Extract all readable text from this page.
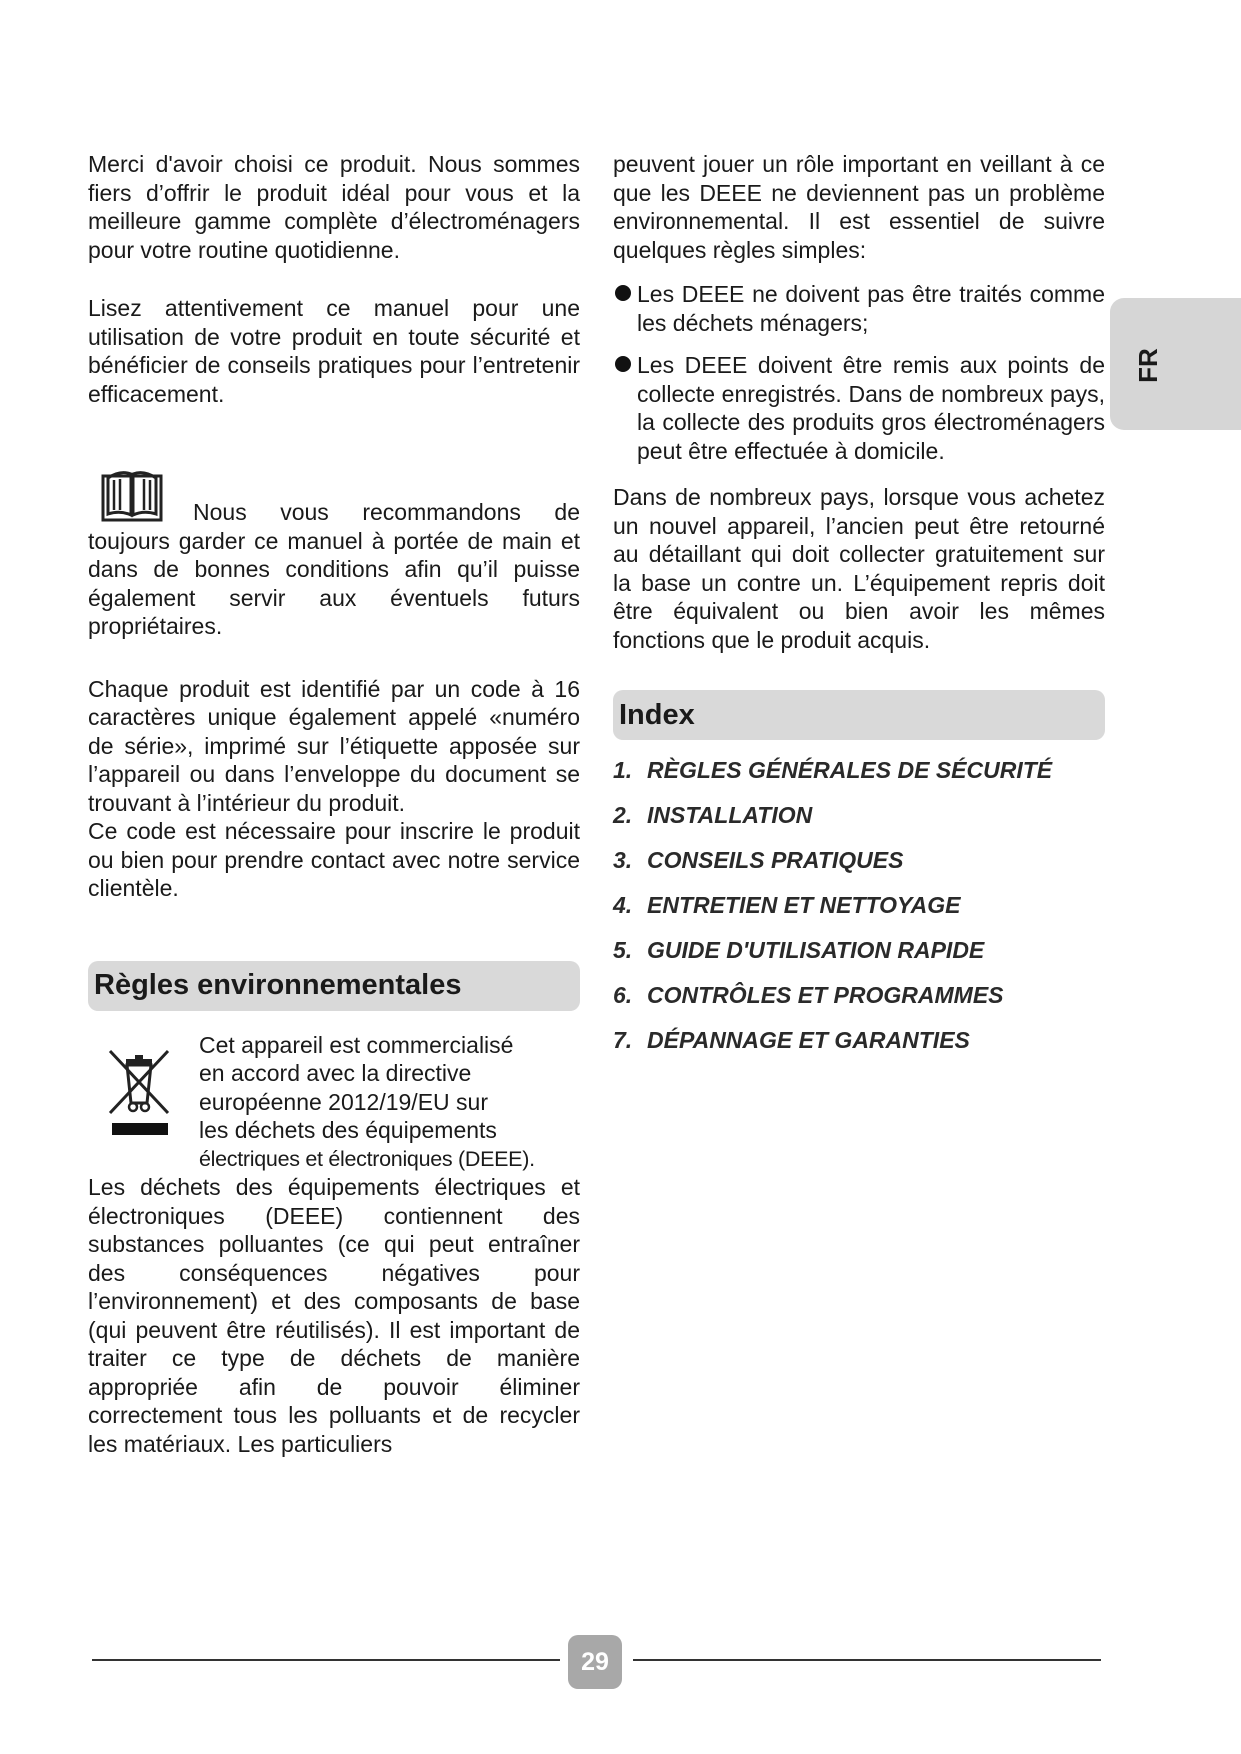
Merci d'avoir choisi ce produit. Nous sommes fiers d’offrir le produit idéal pour vous et la meilleure gamme complète d’électroménagers pour votre routine quotidienne.

Lisez attentivement ce manuel pour une utilisation de votre produit en toute sécurité et bénéficier de conseils pratiques pour l’entretenir efficacement.

Nous vous recommandons de toujours garder ce manuel à portée de main et dans de bonnes conditions afin qu’il puisse également servir aux éventuels futurs propriétaires.

Chaque produit est identifié par un code à 16 caractères unique également appelé «numéro de série», imprimé sur l’étiquette apposée sur l’appareil ou dans l’enveloppe du document se trouvant à l’intérieur du produit.

Ce code est nécessaire pour inscrire le produit ou bien pour prendre contact avec notre service clientèle.

Règles environnementales

Cet appareil est commercialisé

en accord avec la directive

européenne 2012/19/EU sur

les déchets des équipements

électriques et électroniques (DEEE).

Les déchets des équipements électriques et électroniques (DEEE) contiennent des substances polluantes (ce qui peut entraîner des conséquences négatives pour l’environnement) et des composants de base (qui peuvent être réutilisés). Il est important de traiter ce type de déchets de manière appropriée afin de pouvoir éliminer correctement tous les polluants et de recycler les matériaux. Les particuliers

peuvent jouer un rôle important en veillant à ce que les DEEE ne deviennent pas un problème environnemental. Il est essentiel de suivre quelques règles simples:

Les DEEE ne doivent pas être traités comme les déchets ménagers;

Les DEEE doivent être remis aux points de collecte enregistrés. Dans de nombreux pays, la collecte des produits gros électroménagers peut être effectuée à domicile.

Dans de nombreux pays, lorsque vous achetez un nouvel appareil, l’ancien peut être retourné au détaillant qui doit collecter gratuitement sur la base un contre un. L’équipement repris doit être équivalent ou bien avoir les mêmes fonctions que le produit acquis.

Index
1. RÈGLES GÉNÉRALES DE SÉCURITÉ
2. INSTALLATION
3. CONSEILS PRATIQUES
4. ENTRETIEN ET NETTOYAGE
5. GUIDE D'UTILISATION RAPIDE
6. CONTRÔLES ET PROGRAMMES
7. DÉPANNAGE ET GARANTIES
FR
29
